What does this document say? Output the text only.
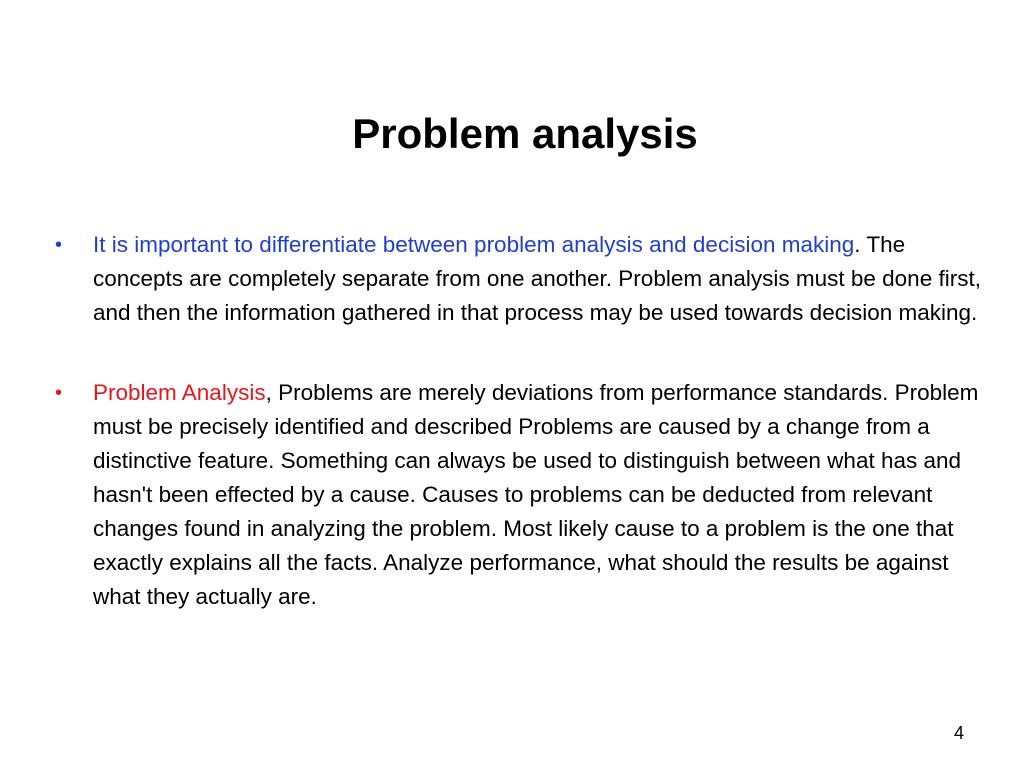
Problem analysis
•	It is important to differentiate between problem analysis and decision making. The concepts are completely separate from one another. Problem analysis must be done first, and then the information gathered in that process may be used towards decision making.
•	Problem Analysis, Problems are merely deviations from performance standards. Problem must be precisely identified and described Problems are caused by a change from a distinctive feature. Something can always be used to distinguish between what has and hasn't been effected by a cause. Causes to problems can be deducted from relevant changes found in analyzing the problem. Most likely cause to a problem is the one that exactly explains all the facts. Analyze performance, what should the results be against what they actually are.
4
